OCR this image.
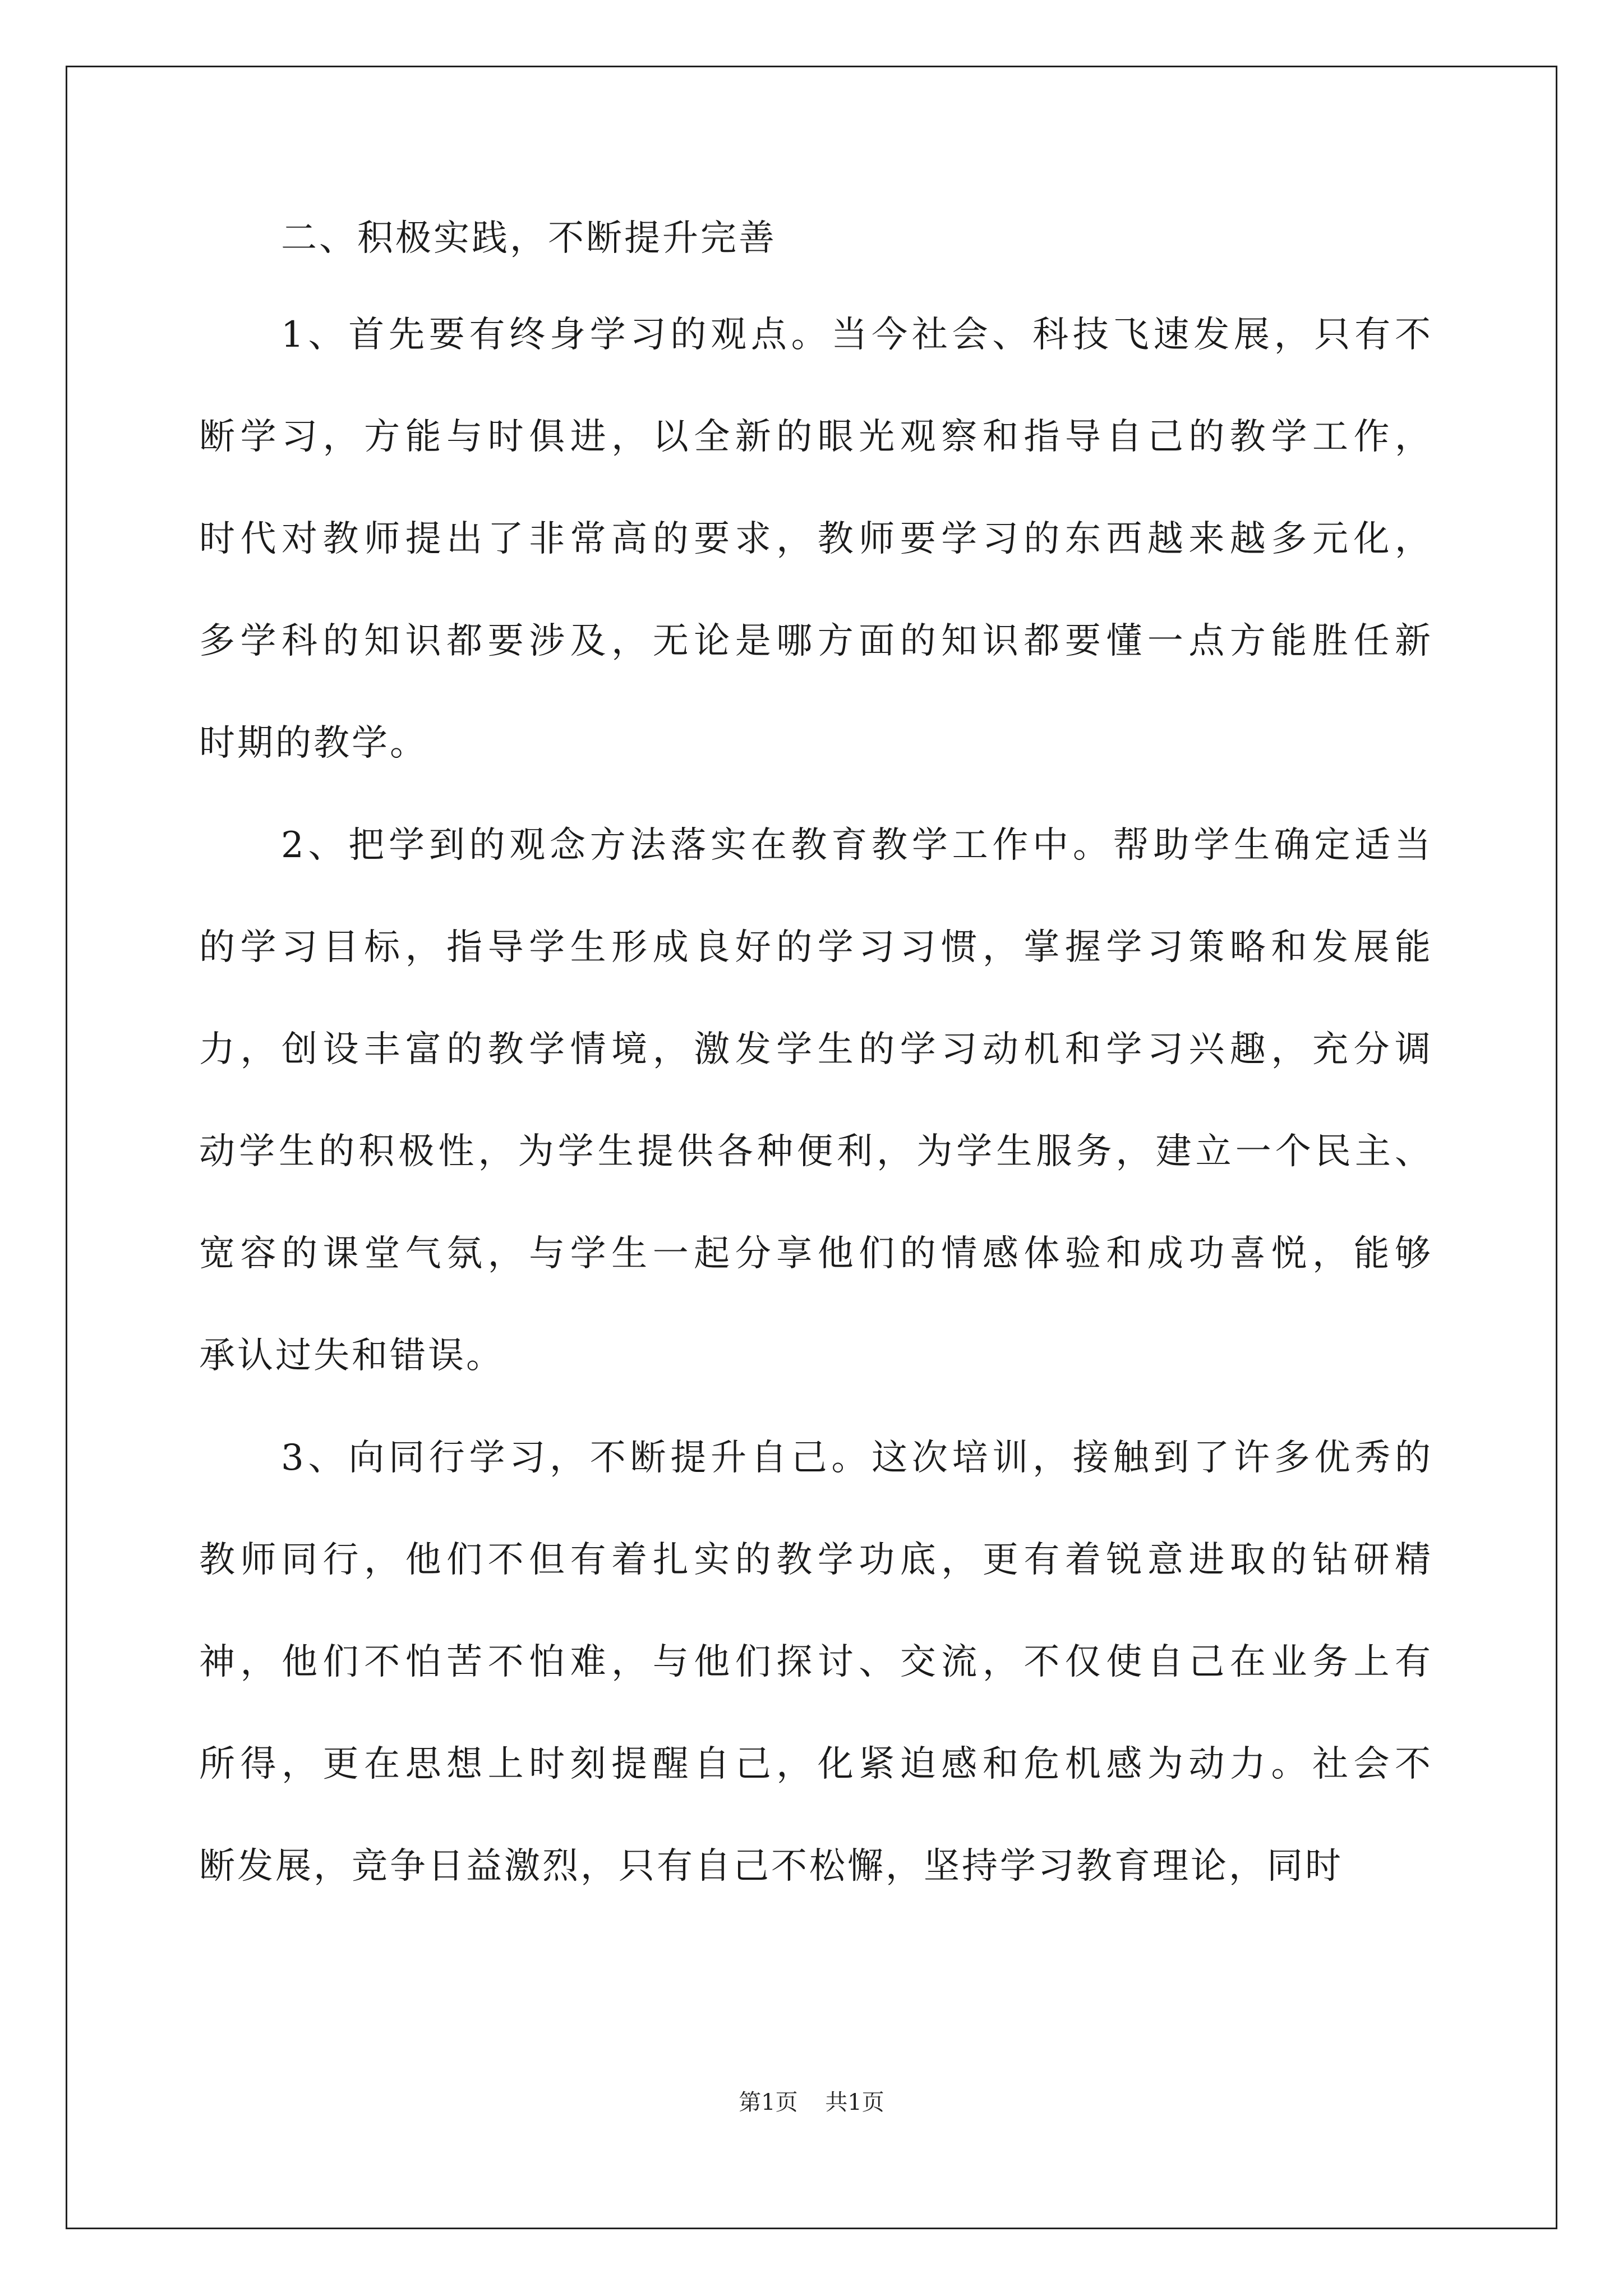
二、积极实践，不断提升完善
1、首先要有终身学习的观点。当今社会、科技飞速发展，只有不
断学习，方能与时俱进，以全新的眼光观察和指导自己的教学工作，
时代对教师提出了非常高的要求，教师要学习的东西越来越多元化，
多学科的知识都要涉及，无论是哪方面的知识都要懂一点方能胜任新
时期的教学。
2、把学到的观念方法落实在教育教学工作中。帮助学生确定适当
的学习目标，指导学生形成良好的学习习惯，掌握学习策略和发展能
力，创设丰富的教学情境，激发学生的学习动机和学习兴趣，充分调
动学生的积极性，为学生提供各种便利，为学生服务，建立一个民主、
宽容的课堂气氛，与学生一起分享他们的情感体验和成功喜悦，能够
承认过失和错误。
3、向同行学习，不断提升自己。这次培训，接触到了许多优秀的
教师同行，他们不但有着扎实的教学功底，更有着锐意进取的钻研精
神，他们不怕苦不怕难，与他们探讨、交流，不仅使自己在业务上有
所得，更在思想上时刻提醒自己，化紧迫感和危机感为动力。社会不
断发展，竞争日益激烈，只有自己不松懈，坚持学习教育理论，同时
第1页 共1页
